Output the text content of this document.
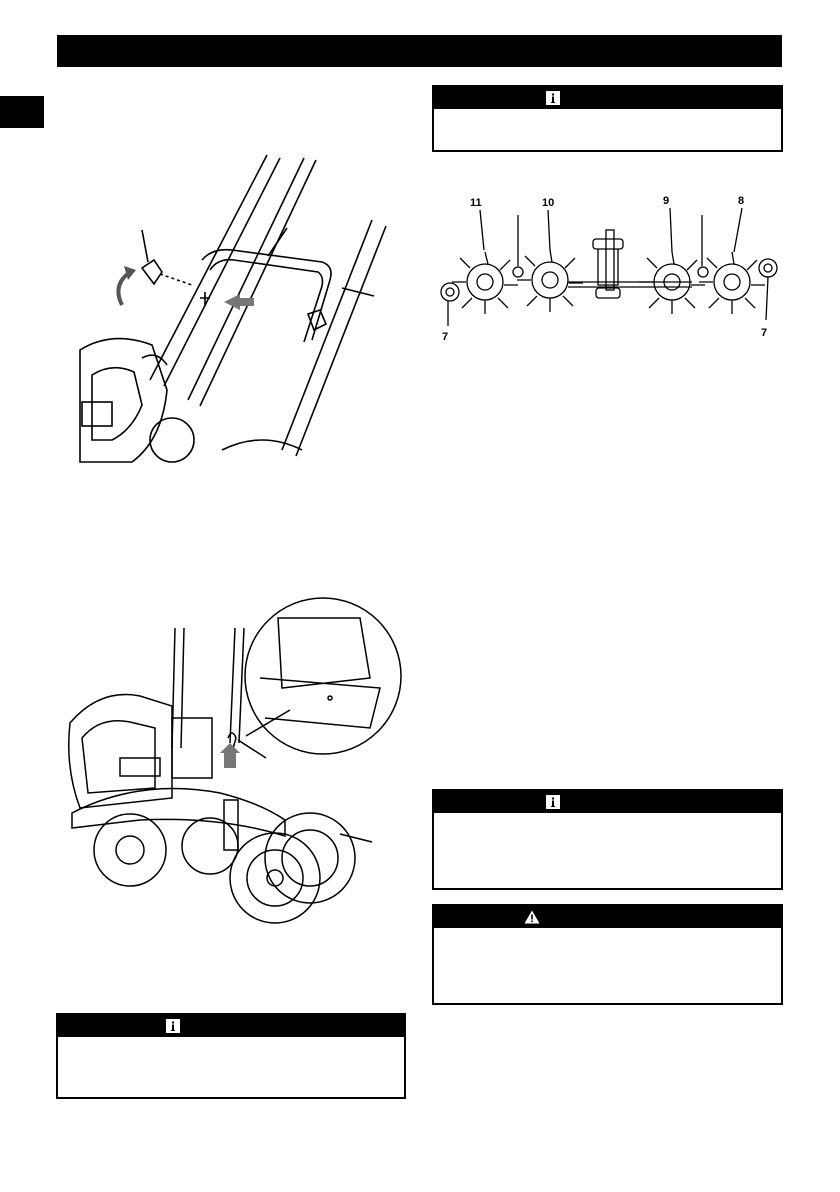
11	10	9	8
7	7
